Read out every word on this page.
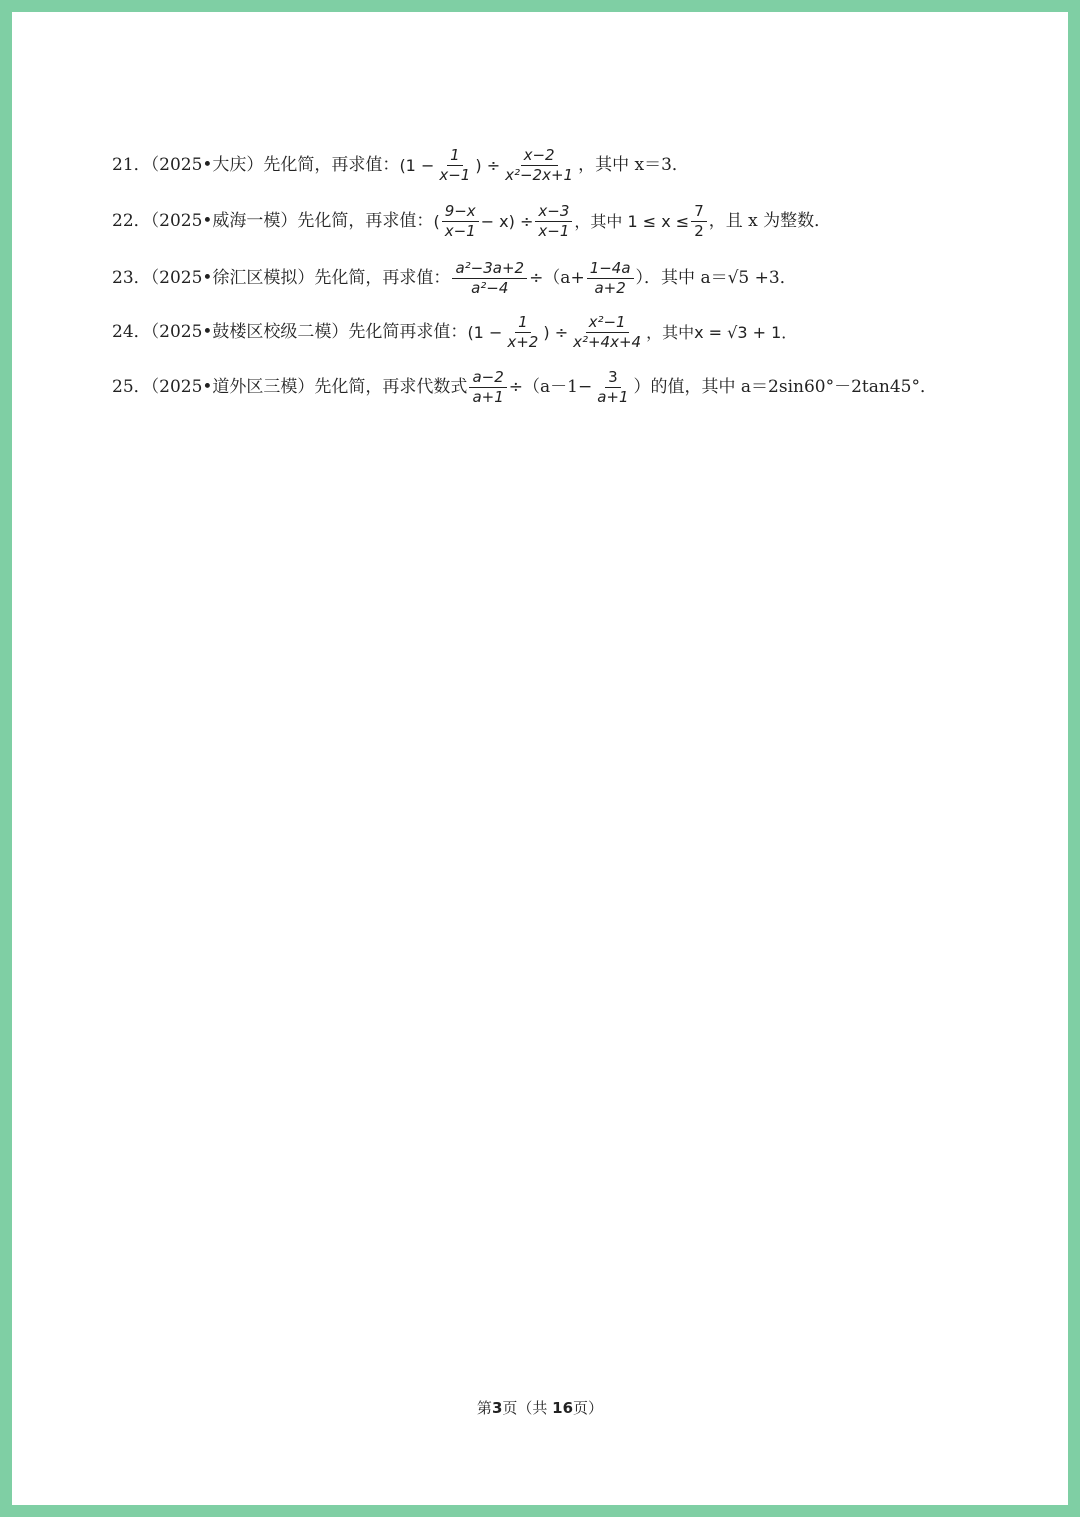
21．（2025•大庆）先化简，再求值： ($1 - \frac{1}{x-1}$ ) ÷ $\frac{x-2}{\text{x²−2x+1}}$ ，其中 x＝3．
22．（2025•威海一模）先化简，再求值： ( $\frac{9-x}{x-1} - x) \div \frac{x-3}{x-1}$ ，其中 $1 \le x \le \frac{7}{2}$ ，且 x 为整数．
23．（2025•徐汇区模拟）先化简，再求值： $\frac{\text{a²−3a+2}}{\text{a²−4}} \div(a+ \frac{1-4a}{a+2}$ ）．其中 a＝√5 +3．
24．（2025•鼓楼区校级二模）先化简再求值： ($1 - \frac{1}{x+2}$ ) ÷ $\frac{\text{x²−1}}{\text{x²+4x+4}}$ ，其中x = √3 + 1．
25．（2025•道外区三模）先化简，再求代数式 $\frac{a-2}{a+1} \div(a-1- \frac{3}{a+1}$ ）的值，其中 a＝2sin60°－2tan45°．
第3页（共 16页）
